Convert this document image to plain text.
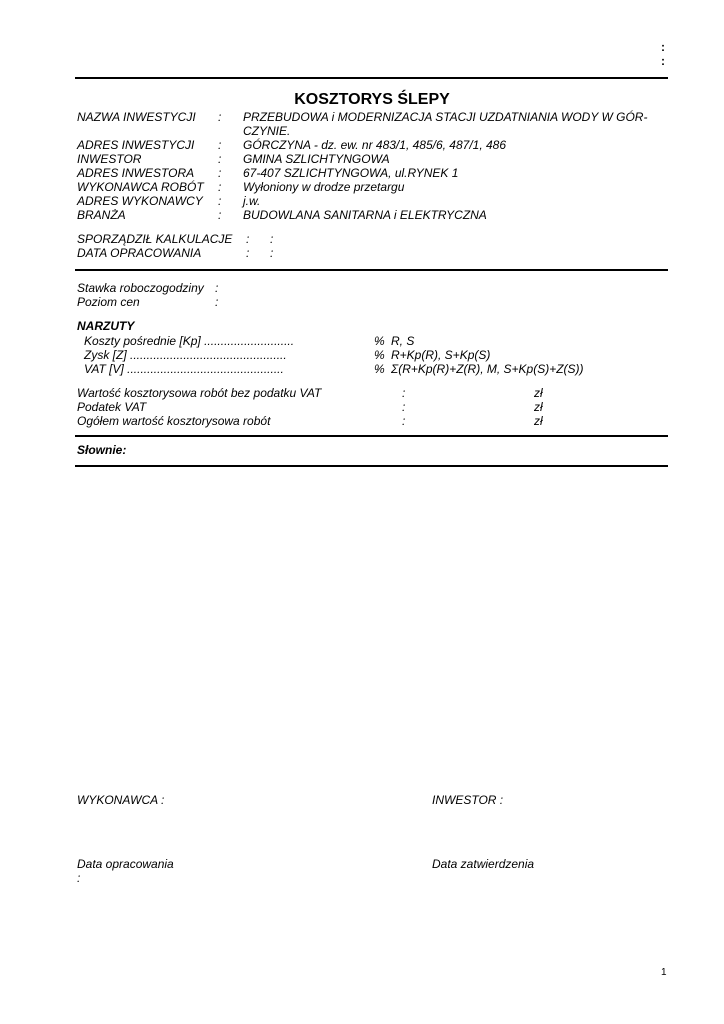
:
:
KOSZTORYS ŚLEPY
NAZWA INWESTYCJI : PRZEBUDOWA i MODERNIZACJA STACJI UZDATNIANIA WODY W GÓR-
CZYNIE.
ADRES INWESTYCJI : GÓRCZYNA - dz. ew. nr 483/1, 485/6, 487/1, 486
INWESTOR	: GMINA SZLICHTYNGOWA
ADRES INWESTORA : 67-407 SZLICHTYNGOWA, ul.RYNEK 1
WYKONAWCA ROBÓT : Wyłoniony w drodze przetargu
ADRES WYKONAWCY : j.w.
BRANŻA	: BUDOWLANA SANITARNA i ELEKTRYCZNA
SPORZĄDZIŁ KALKULACJE : :
DATA OPRACOWANIA	: :
Stawka roboczogodziny :
Poziom cen	:
NARZUTY
Koszty pośrednie [Kp] ...........................	% R, S
Zysk [Z] ...............................................	% R+Kp(R), S+Kp(S)
VAT [V] ...............................................	% Σ(R+Kp(R)+Z(R), M, S+Kp(S)+Z(S))
Wartość kosztorysowa robót bez podatku VAT	:	zł
Podatek VAT	:	zł
Ogółem wartość kosztorysowa robót	:	zł
Słownie:
WYKONAWCA :	INWESTOR :
Data opracowania
:
Data zatwierdzenia
1
